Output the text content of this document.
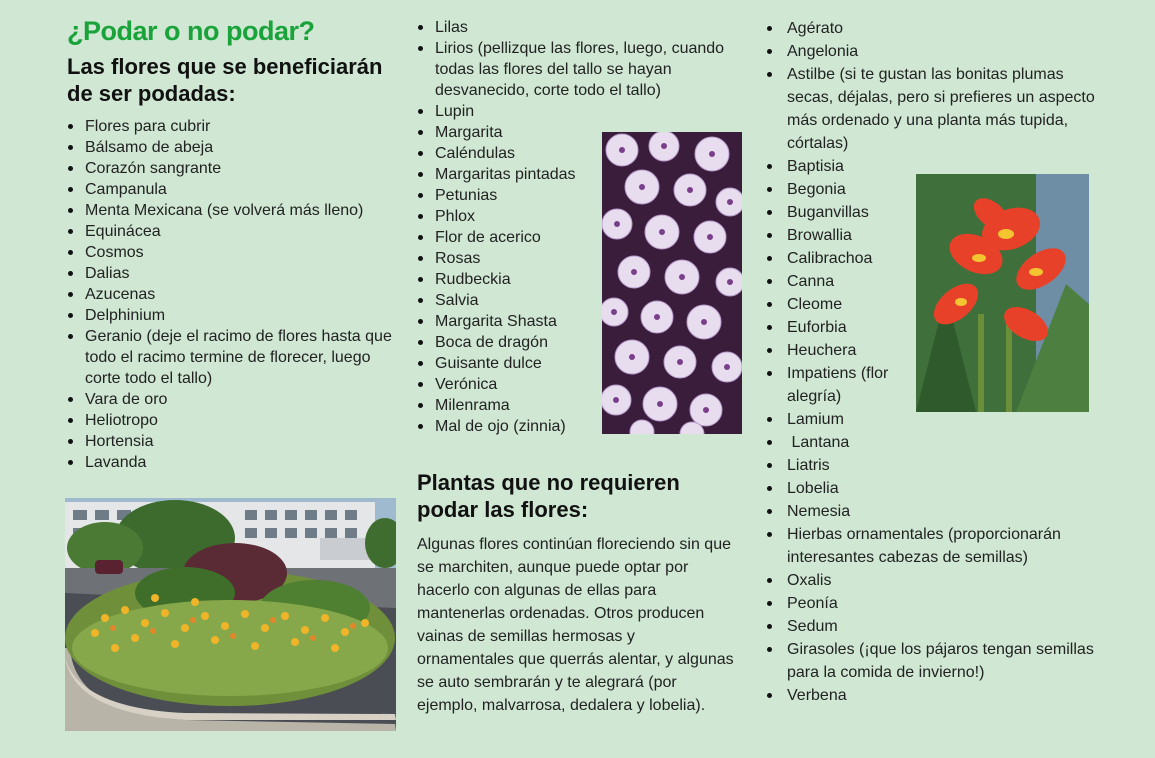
¿Podar o no podar?
Las flores que se beneficiarán de ser podadas:
Flores para cubrir
Bálsamo de abeja
Corazón sangrante
Campanula
Menta Mexicana (se volverá más lleno)
Equinácea
Cosmos
Dalias
Azucenas
Delphinium
Geranio (deje el racimo de flores hasta que todo el racimo termine de florecer, luego corte todo el tallo)
Vara de oro
Heliotropo
Hortensia
Lavanda
Lilas
Lirios (pellizque las flores, luego, cuando todas las flores del tallo se hayan desvanecido, corte todo el tallo)
Lupin
Margarita
Caléndulas
Margaritas pintadas
Petunias
Phlox
Flor de acerico
Rosas
Rudbeckia
Salvia
Margarita Shasta
Boca de dragón
Guisante dulce
Verónica
Milenrama
Mal de ojo (zinnia)
Plantas que no requieren podar las flores:
Algunas flores continúan floreciendo sin que se marchiten, aunque puede optar por hacerlo con algunas de ellas para mantenerlas ordenadas. Otros producen vainas de semillas hermosas y ornamentales que querrás alentar, y algunas se auto sembrarán y te alegrará (por ejemplo, malvarrosa, dedalera y lobelia).
Agérato
Angelonia
Astilbe (si te gustan las bonitas plumas secas, déjalas, pero si prefieres un aspecto más ordenado y una planta más tupida, córtalas)
Baptisia
Begonia
Buganvillas
Browallia
Calibrachoa
Canna
Cleome
Euforbia
Heuchera
Impatiens (flor alegría)
Lamium
Lantana
Liatris
Lobelia
Nemesia
Hierbas ornamentales (proporcionarán interesantes cabezas de semillas)
Oxalis
Peonía
Sedum
Girasoles (¡que los pájaros tengan semillas para la comida de invierno!)
Verbena
